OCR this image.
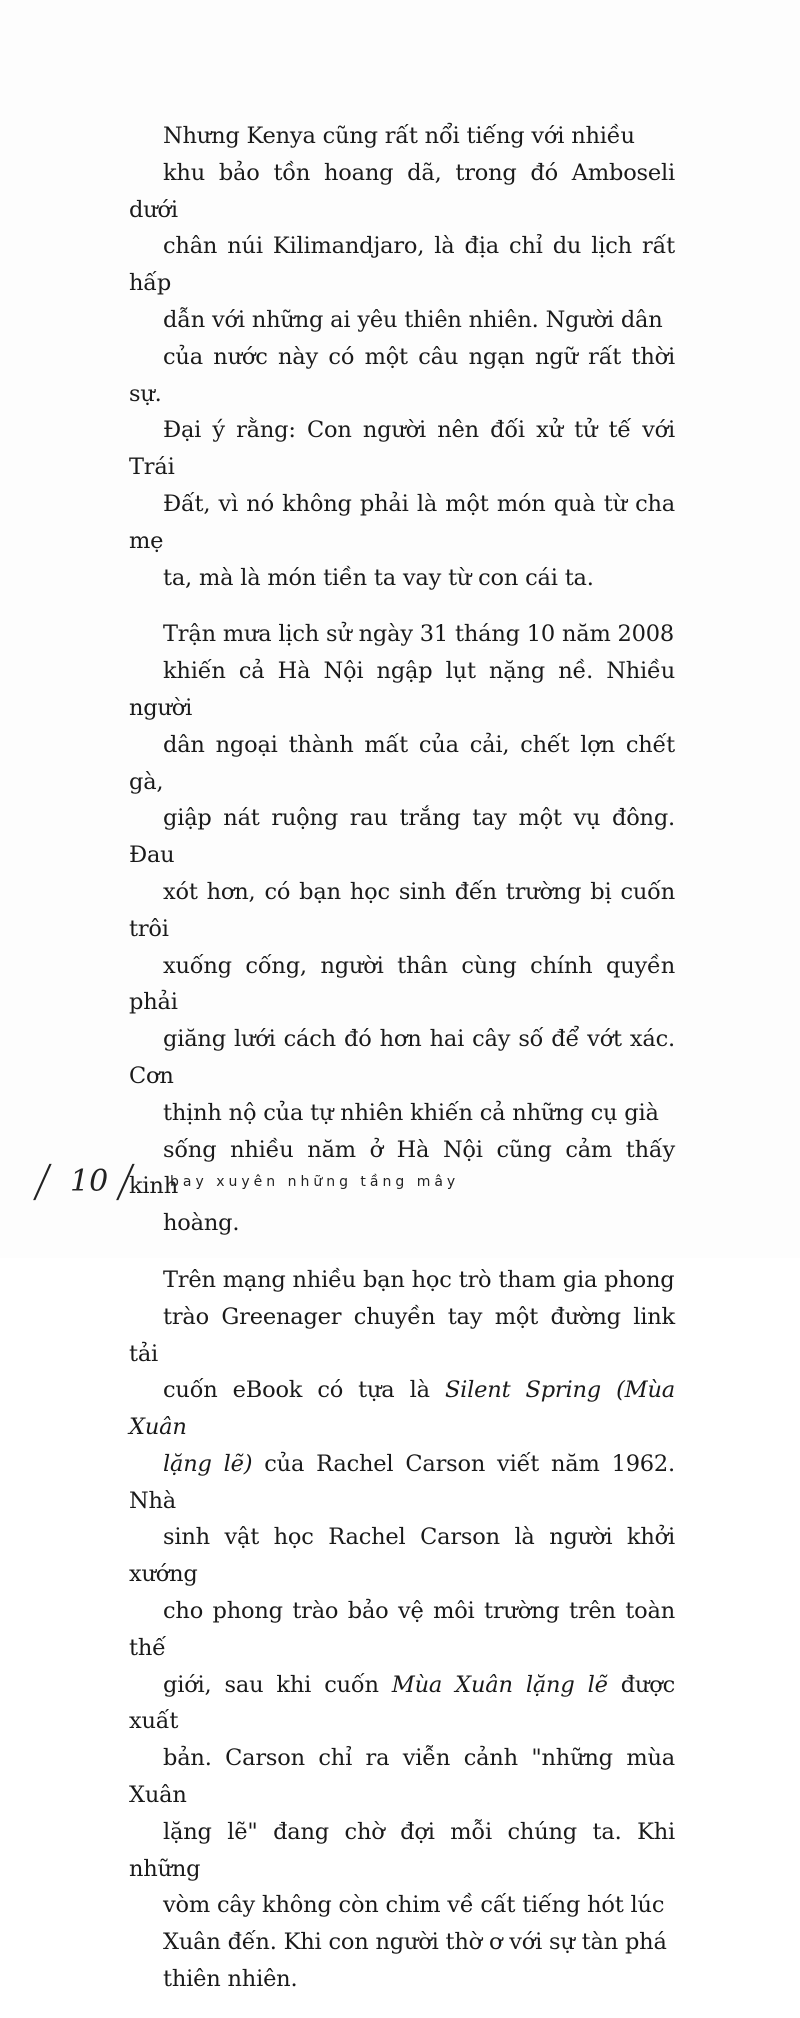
Nhưng Kenya cũng rất nổi tiếng với nhiều
khu bảo tồn hoang dã, trong đó Amboseli dưới
chân núi Kilimandjaro, là địa chỉ du lịch rất hấp
dẫn với những ai yêu thiên nhiên. Người dân
của nước này có một câu ngạn ngữ rất thời sự.
Đại ý rằng: Con người nên đối xử tử tế với Trái
Đất, vì nó không phải là một món quà từ cha mẹ
ta, mà là món tiền ta vay từ con cái ta.

Trận mưa lịch sử ngày 31 tháng 10 năm 2008
khiến cả Hà Nội ngập lụt nặng nề. Nhiều người
dân ngoại thành mất của cải, chết lợn chết gà,
giập nát ruộng rau trắng tay một vụ đông. Đau
xót hơn, có bạn học sinh đến trường bị cuốn trôi
xuống cống, người thân cùng chính quyền phải
giăng lưới cách đó hơn hai cây số để vớt xác. Cơn
thịnh nộ của tự nhiên khiến cả những cụ già
sống nhiều năm ở Hà Nội cũng cảm thấy kinh
hoàng.

Trên mạng nhiều bạn học trò tham gia phong
trào Greenager chuyền tay một đường link tải
cuốn eBook có tựa là Silent Spring (Mùa Xuân
lặng lẽ) của Rachel Carson viết năm 1962. Nhà
sinh vật học Rachel Carson là người khởi xướng
cho phong trào bảo vệ môi trường trên toàn thế
giới, sau khi cuốn Mùa Xuân lặng lẽ được xuất
bản. Carson chỉ ra viễn cảnh "những mùa Xuân
lặng lẽ" đang chờ đợi mỗi chúng ta. Khi những
vòm cây không còn chim về cất tiếng hót lúc
Xuân đến. Khi con người thờ ơ với sự tàn phá
thiên nhiên.

/ 10 / bay xuyên những tầng mây
